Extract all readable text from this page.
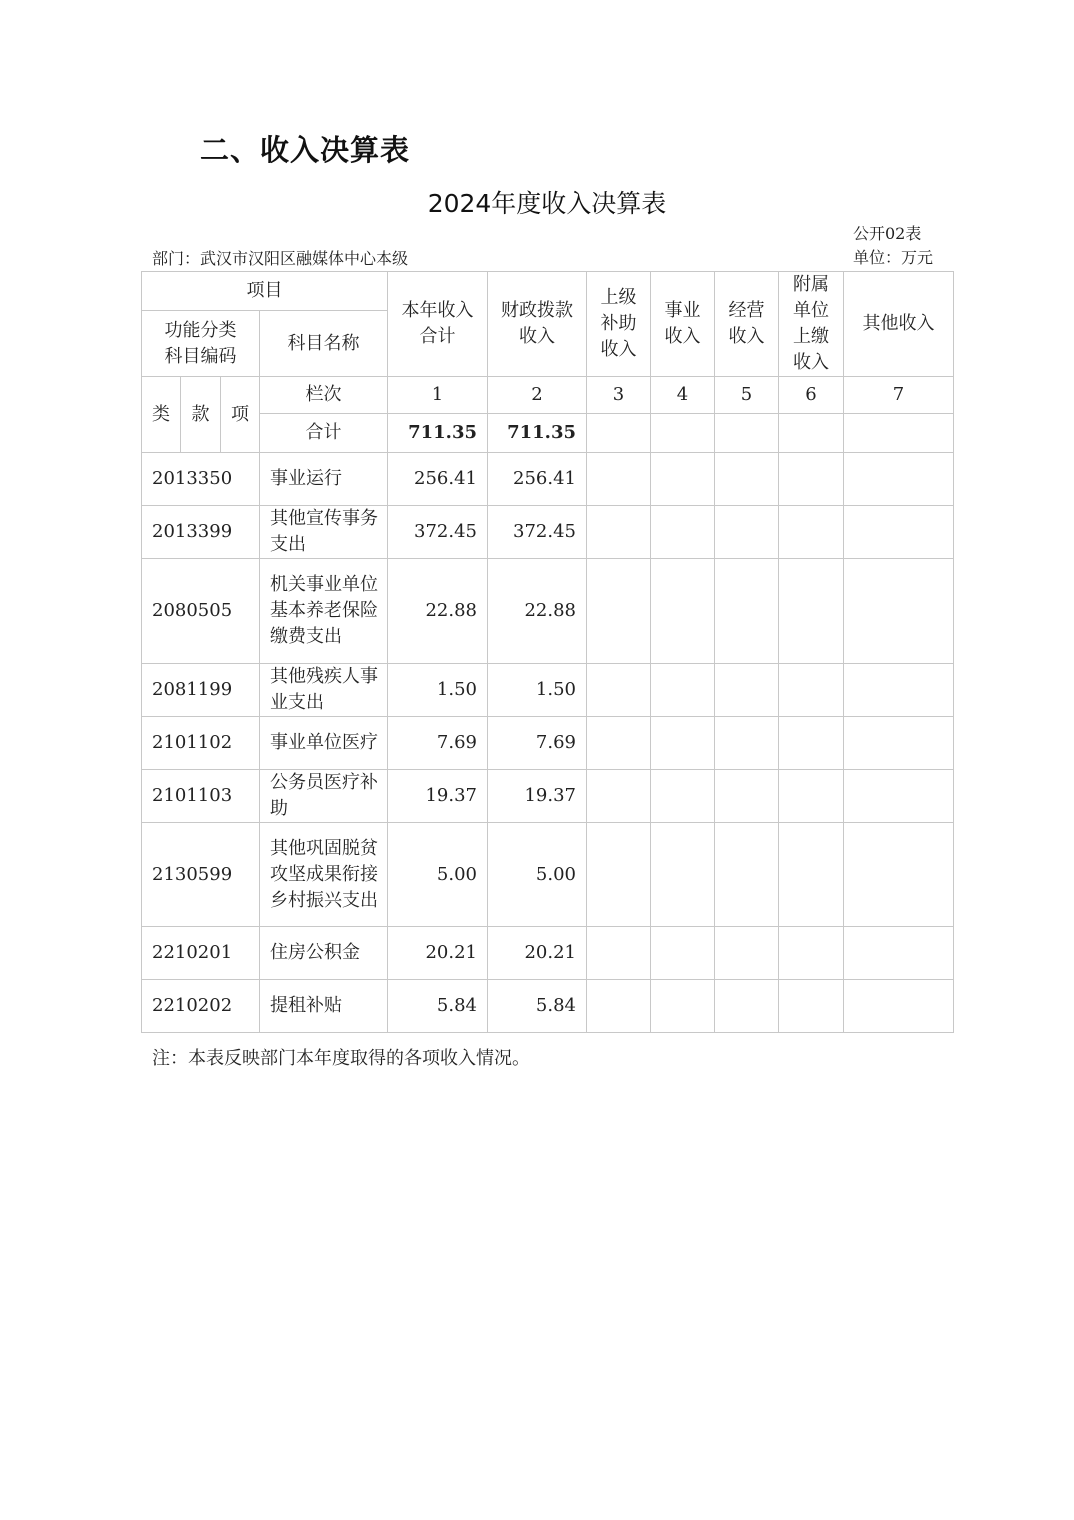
二、收入决算表
2024年度收入决算表
部门：武汉市汉阳区融媒体中心本级
公开02表
单位：万元
项目				本年收入合计	财政拨款收入	上级补助收入	事业收入	经营收入	附属单位上缴收入	其他收入
功能分类科目编码			科目名称							
类	款	项	栏次	1	2	3	4	5	6	7
			合计	711.35	711.35					
2013350			事业运行	256.41	256.41					
2013399			其他宣传事务支出	372.45	372.45					
2080505			机关事业单位基本养老保险缴费支出	22.88	22.88					
2081199			其他残疾人事业支出	1.50	1.50					
2101102			事业单位医疗	7.69	7.69					
2101103			公务员医疗补助	19.37	19.37					
2130599			其他巩固脱贫攻坚成果衔接乡村振兴支出	5.00	5.00					
2210201			住房公积金	20.21	20.21					
2210202			提租补贴	5.84	5.84					
注：本表反映部门本年度取得的各项收入情况。
